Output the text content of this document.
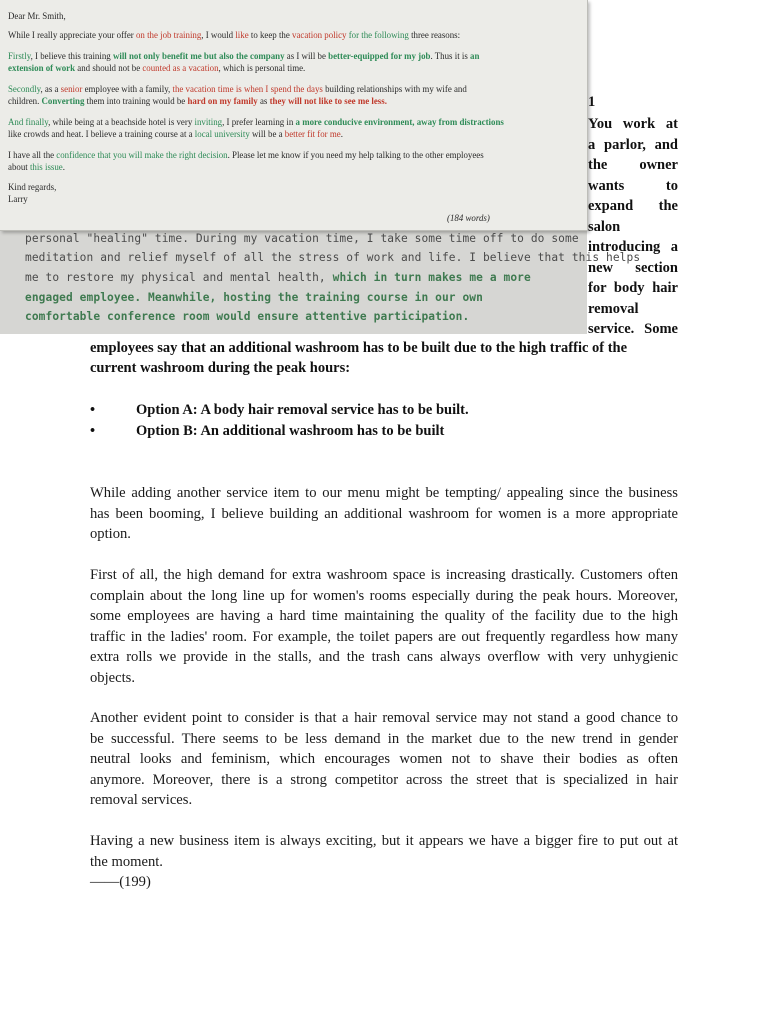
personal "healing" time. During my vacation time, I take some time off to do some
meditation and relief myself of all the stress of work and life. I believe that this helps
me to restore my physical and mental health, which in turn makes me a more
engaged employee. Meanwhile, hosting the training course in our own
comfortable conference room would ensure attentive participation.
Dear Mr. Smith,
While I really appreciate your offer on the job training, I would like to keep the vacation policy for the following three reasons:
Firstly, I believe this training will not only benefit me but also the company as I will be better-equipped for my job. Thus it is an
extension of work and should not be counted as a vacation, which is personal time.
Secondly, as a senior employee with a family, the vacation time is when I spend the days building relationships with my wife and
children. Converting them into training would be hard on my family as they will not like to see me less.
And finally, while being at a beachside hotel is very inviting, I prefer learning in a more conducive environment, away from distractions
like crowds and heat. I believe a training course at a local university will be a better fit for me.
I have all the confidence that you will make the right decision. Please let me know if you need my help talking to the other employees
about this issue.
Kind regards,
Larry
(184 words)
1
You work at
a parlor, and
the owner
wants to
expand the
salon
introducing a
new section
for body hair
removal
service. Some
employees say that an additional washroom has to be built due to the high traffic of the
current washroom during the peak hours:
•	Option A: A body hair removal service has to be built.
•	Option B: An additional washroom has to be built
While adding another service item to our menu might be tempting/ appealing since the business
has been booming, I believe building an additional washroom for women is a more appropriate
option.
First of all, the high demand for extra washroom space is increasing drastically. Customers often
complain about the long line up for women's rooms especially during the peak hours. Moreover,
some employees are having a hard time maintaining the quality of the facility due to the high
traffic in the ladies' room. For example, the toilet papers are out frequently regardless how many
extra rolls we provide in the stalls, and the trash cans always overflow with very unhygienic
objects.
Another evident point to consider is that a hair removal service may not stand a good chance to
be successful. There seems to be less demand in the market due to the new trend in gender
neutral looks and feminism, which encourages women not to shave their bodies as often
anymore. Moreover, there is a strong competitor across the street that is specialized in hair
removal services.
Having a new business item is always exciting, but it appears we have a bigger fire to put out at
the moment.
——(199)
